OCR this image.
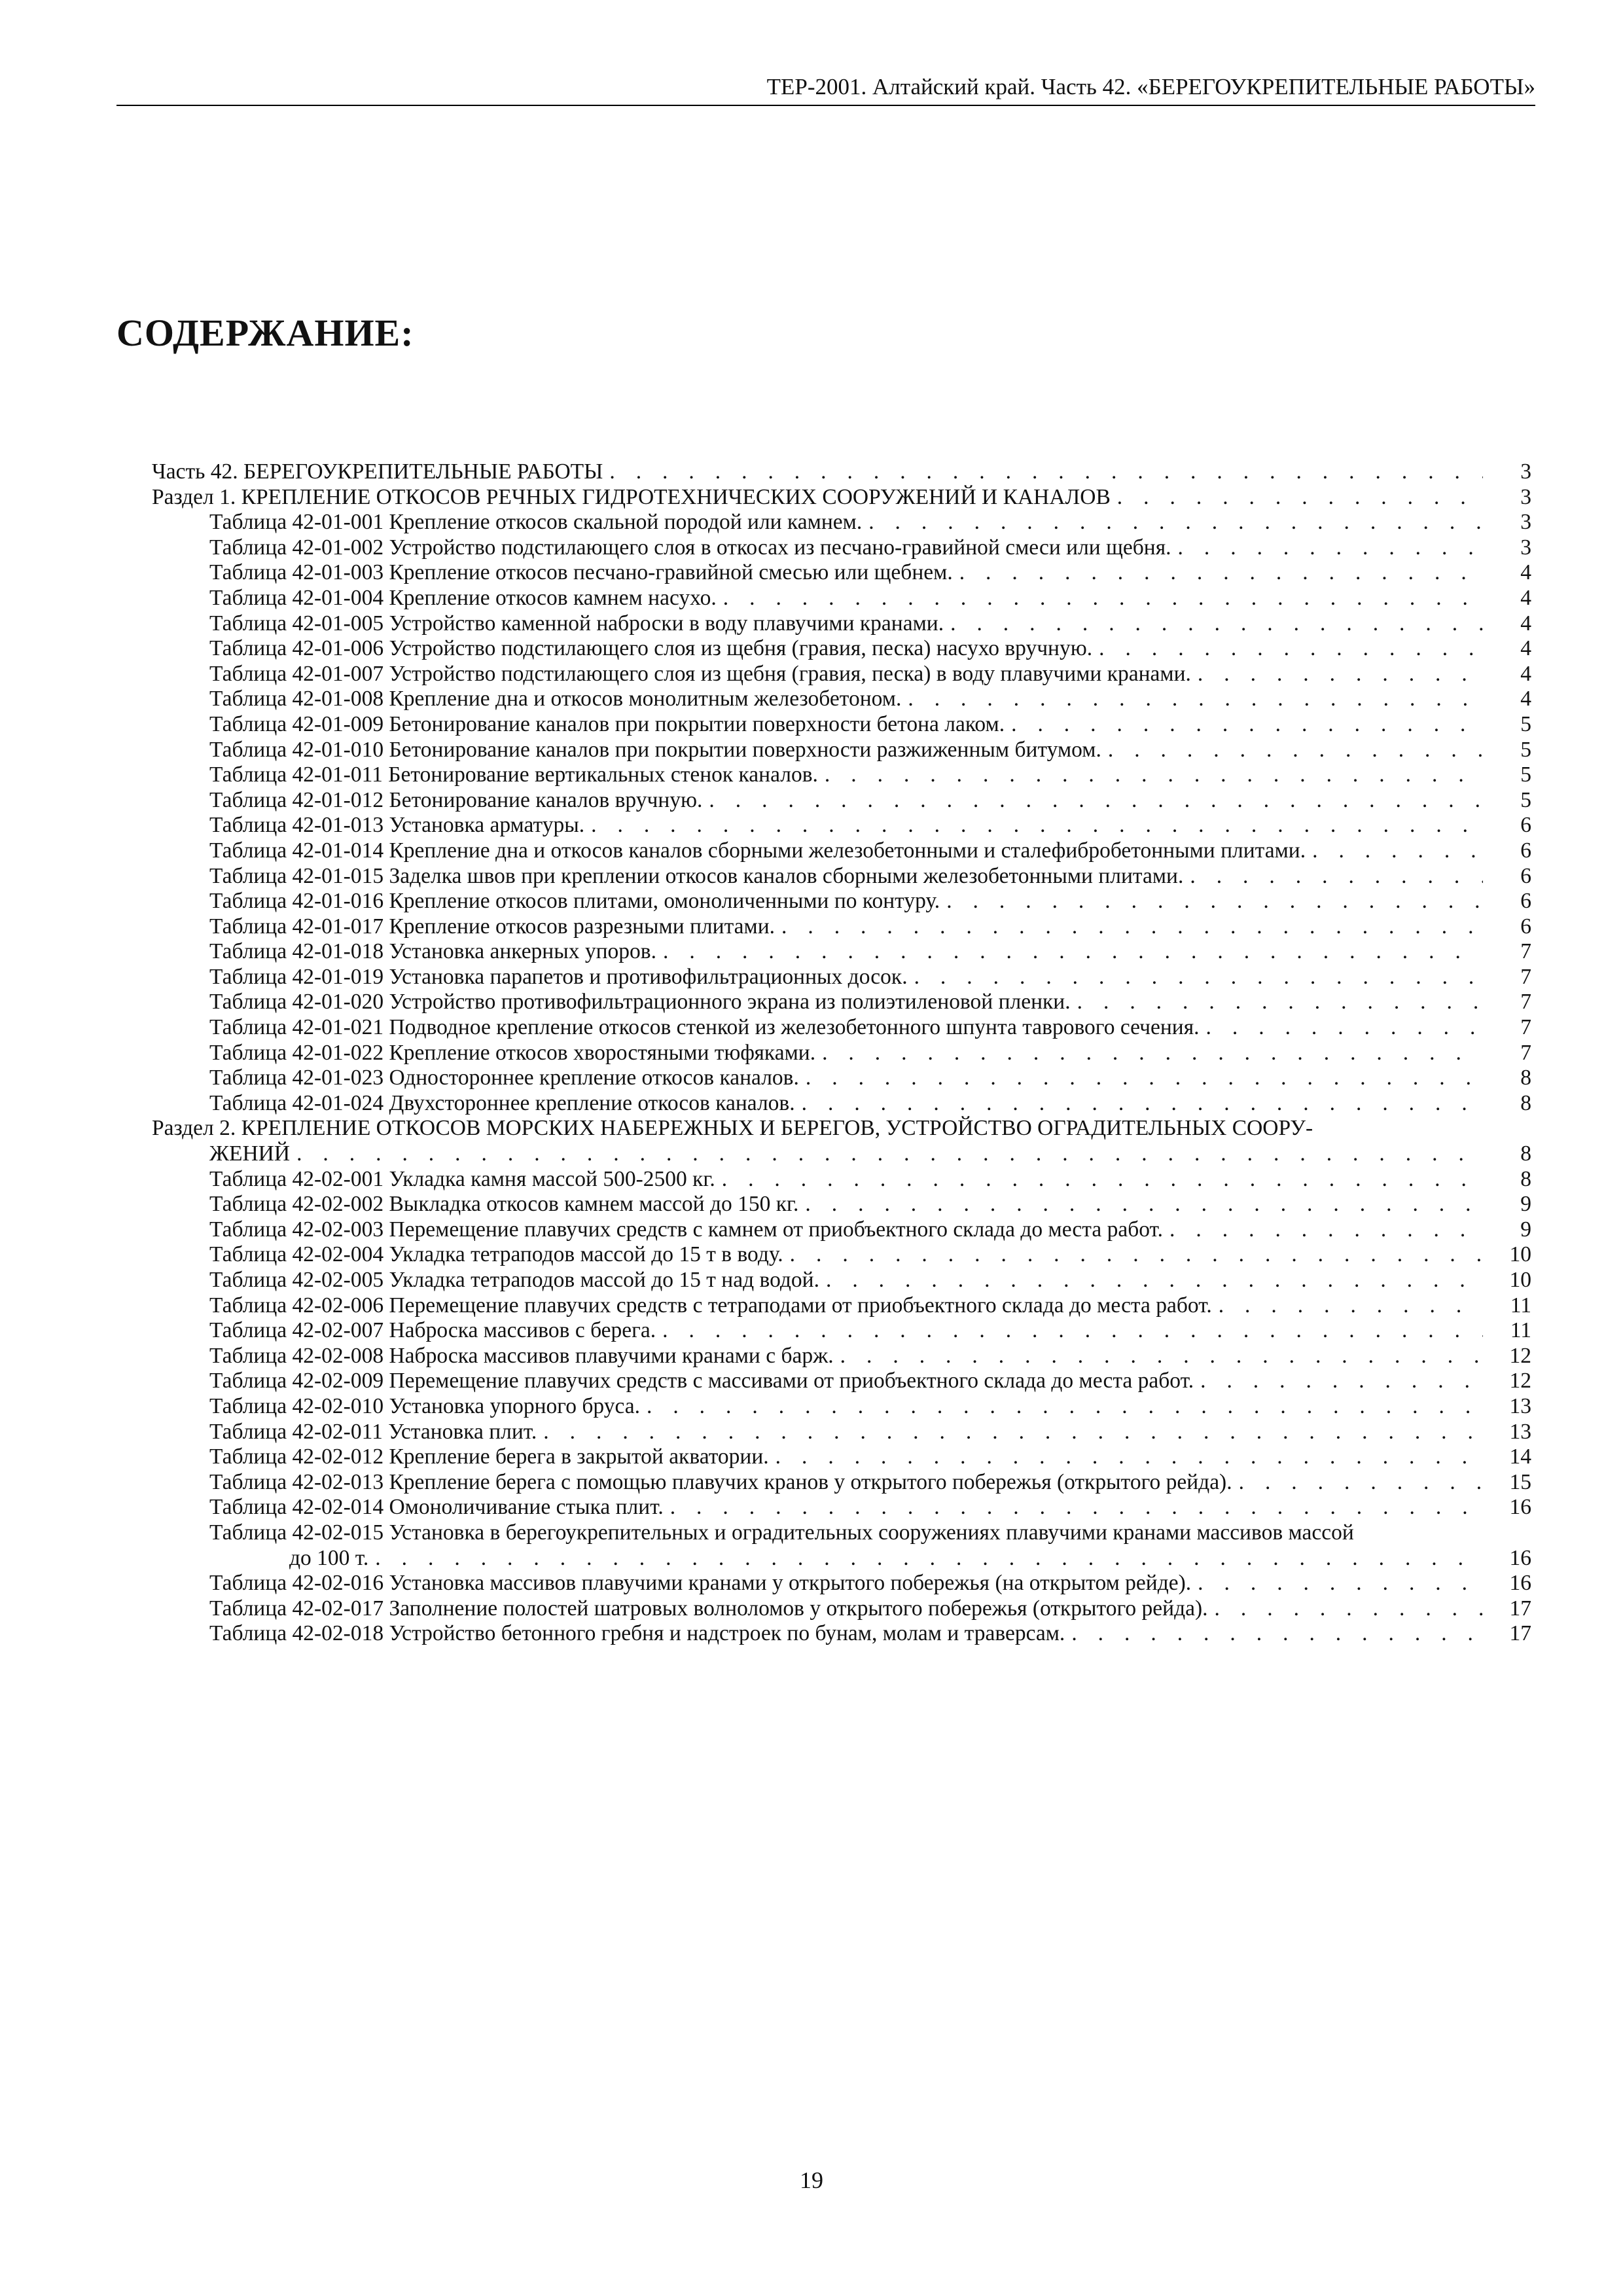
ТЕР-2001. Алтайский край. Часть 42. «БЕРЕГОУКРЕПИТЕЛЬНЫЕ РАБОТЫ»
СОДЕРЖАНИЕ:
Часть 42. БЕРЕГОУКРЕПИТЕЛЬНЫЕ РАБОТЫ . . .	3
Раздел 1. КРЕПЛЕНИЕ ОТКОСОВ РЕЧНЫХ ГИДРОТЕХНИЧЕСКИХ СООРУЖЕНИЙ И КАНАЛОВ . . .	3
Таблица 42-01-001 Крепление откосов скальной породой или камнем. . . .	3
Таблица 42-01-002 Устройство подстилающего слоя в откосах из песчано-гравийной смеси или щебня. . . .	3
Таблица 42-01-003 Крепление откосов песчано-гравийной смесью или щебнем. . . .	4
Таблица 42-01-004 Крепление откосов камнем насухо. . . .	4
Таблица 42-01-005 Устройство каменной наброски в воду плавучими кранами. . . .	4
Таблица 42-01-006 Устройство подстилающего слоя из щебня (гравия, песка) насухо вручную. . . .	4
Таблица 42-01-007 Устройство подстилающего слоя из щебня (гравия, песка) в воду плавучими кранами. . . .	4
Таблица 42-01-008 Крепление дна и откосов монолитным железобетоном. . . .	4
Таблица 42-01-009 Бетонирование каналов при покрытии поверхности бетона лаком. . . .	5
Таблица 42-01-010 Бетонирование каналов при покрытии поверхности разжиженным битумом. . . .	5
Таблица 42-01-011 Бетонирование вертикальных стенок каналов. . . .	5
Таблица 42-01-012 Бетонирование каналов вручную. . . .	5
Таблица 42-01-013 Установка арматуры. . . .	6
Таблица 42-01-014 Крепление дна и откосов каналов сборными железобетонными и сталефибробетонными плитами. . . .	6
Таблица 42-01-015 Заделка швов при креплении откосов каналов сборными железобетонными плитами. . . .	6
Таблица 42-01-016 Крепление откосов плитами, омоноличенными по контуру. . . .	6
Таблица 42-01-017 Крепление откосов разрезными плитами. . . .	6
Таблица 42-01-018 Установка анкерных упоров. . . .	7
Таблица 42-01-019 Установка парапетов и противофильтрационных досок. . . .	7
Таблица 42-01-020 Устройство противофильтрационного экрана из полиэтиленовой пленки. . . .	7
Таблица 42-01-021 Подводное крепление откосов стенкой из железобетонного шпунта таврового сечения. . . .	7
Таблица 42-01-022 Крепление откосов хворостяными тюфяками. . . .	7
Таблица 42-01-023 Одностороннее крепление откосов каналов. . . .	8
Таблица 42-01-024 Двухстороннее крепление откосов каналов. . . .	8
Раздел 2. КРЕПЛЕНИЕ ОТКОСОВ МОРСКИХ НАБЕРЕЖНЫХ И БЕРЕГОВ, УСТРОЙСТВО ОГРАДИТЕЛЬНЫХ СООРУ-
ЖЕНИЙ . . .	8
Таблица 42-02-001 Укладка камня массой 500-2500 кг. . . .	8
Таблица 42-02-002 Выкладка откосов камнем массой до 150 кг. . . .	9
Таблица 42-02-003 Перемещение плавучих средств с камнем от приобъектного склада до места работ. . . .	9
Таблица 42-02-004 Укладка тетраподов массой до 15 т в воду. . . .	10
Таблица 42-02-005 Укладка тетраподов массой до 15 т над водой. . . .	10
Таблица 42-02-006 Перемещение плавучих средств с тетраподами от приобъектного склада до места работ. . . .	11
Таблица 42-02-007 Наброска массивов с берега. . . .	11
Таблица 42-02-008 Наброска массивов плавучими кранами с барж. . . .	12
Таблица 42-02-009 Перемещение плавучих средств с массивами от приобъектного склада до места работ. . . .	12
Таблица 42-02-010 Установка упорного бруса. . . .	13
Таблица 42-02-011 Установка плит. . . .	13
Таблица 42-02-012 Крепление берега в закрытой акватории. . . .	14
Таблица 42-02-013 Крепление берега с помощью плавучих кранов у открытого побережья (открытого рейда). . . .	15
Таблица 42-02-014 Омоноличивание стыка плит. . . .	16
Таблица 42-02-015 Установка в берегоукрепительных и оградительных сооружениях плавучими кранами массивов массой
до 100 т. . . .	16
Таблица 42-02-016 Установка массивов плавучими кранами у открытого побережья (на открытом рейде). . . .	16
Таблица 42-02-017 Заполнение полостей шатровых волноломов у открытого побережья (открытого рейда). . . .	17
Таблица 42-02-018 Устройство бетонного гребня и надстроек по бунам, молам и траверсам. . . .	17
19
